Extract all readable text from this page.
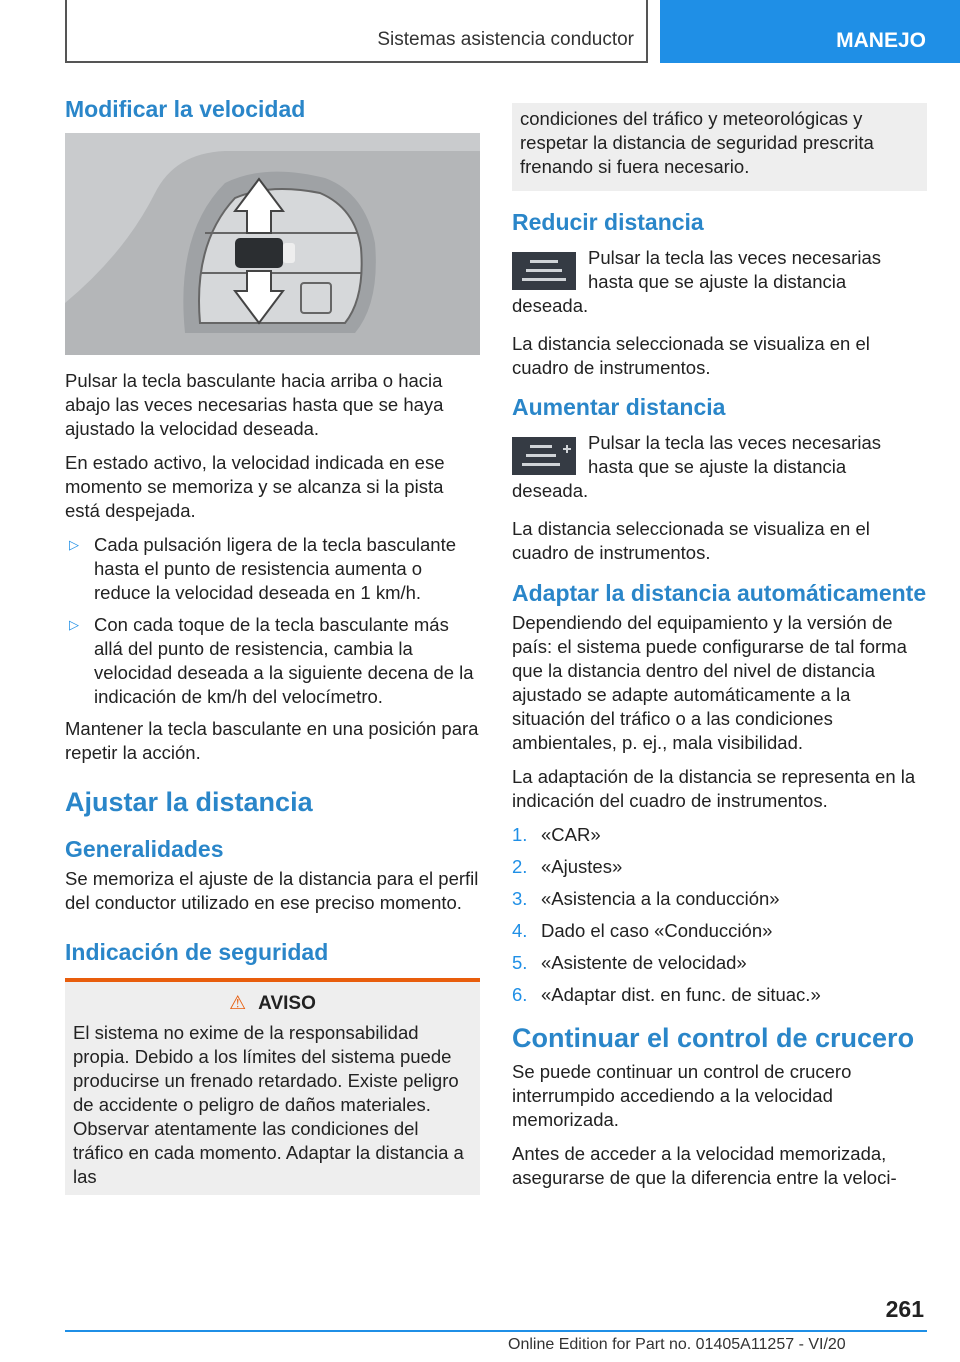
Sistemas asistencia conductor	MANEJO
Modificar la velocidad

Pulsar la tecla basculante hacia arriba o hacia abajo las veces necesarias hasta que se haya ajustado la velocidad deseada.

En estado activo, la velocidad indicada en ese momento se memoriza y se alcanza si la pista está despejada.

▷ Cada pulsación ligera de la tecla basculante hasta el punto de resistencia aumenta o reduce la velocidad deseada en 1 km/h.
▷ Con cada toque de la tecla basculante más allá del punto de resistencia, cambia la velocidad deseada a la siguiente decena de la indicación de km/h del velocímetro.

Mantener la tecla basculante en una posición para repetir la acción.

Ajustar la distancia
Generalidades

Se memoriza el ajuste de la distancia para el perfil del conductor utilizado en ese preciso momento.

Indicación de seguridad
⚠ AVISO
El sistema no exime de la responsabilidad propia. Debido a los límites del sistema puede producirse un frenado retardado. Existe peligro de accidente o peligro de daños materiales. Observar atentamente las condiciones del tráfico en cada momento. Adaptar la distancia a las
condiciones del tráfico y meteorológicas y respetar la distancia de seguridad prescrita frenando si fuera necesario.
Reducir distancia
Pulsar la tecla las veces necesarias hasta que se ajuste la distancia deseada.

La distancia seleccionada se visualiza en el cuadro de instrumentos.

Aumentar distancia
Pulsar la tecla las veces necesarias hasta que se ajuste la distancia deseada.

La distancia seleccionada se visualiza en el cuadro de instrumentos.

Adaptar la distancia automáticamente

Dependiendo del equipamiento y la versión de país: el sistema puede configurarse de tal forma que la distancia dentro del nivel de distancia ajustado se adapte automáticamente a la situación del tráfico o a las condiciones ambientales, p. ej., mala visibilidad.

La adaptación de la distancia se representa en la indicación del cuadro de instrumentos.

1. «CAR»
2. «Ajustes»
3. «Asistencia a la conducción»
4. Dado el caso «Conducción»
5. «Asistente de velocidad»
6. «Adaptar dist. en func. de situac.»
Continuar el control de crucero

Se puede continuar un control de crucero interrumpido accediendo a la velocidad memorizada.

Antes de acceder a la velocidad memorizada, asegurarse de que la diferencia entre la veloci-

261
Online Edition for Part no. 01405A11257 - VI/20
